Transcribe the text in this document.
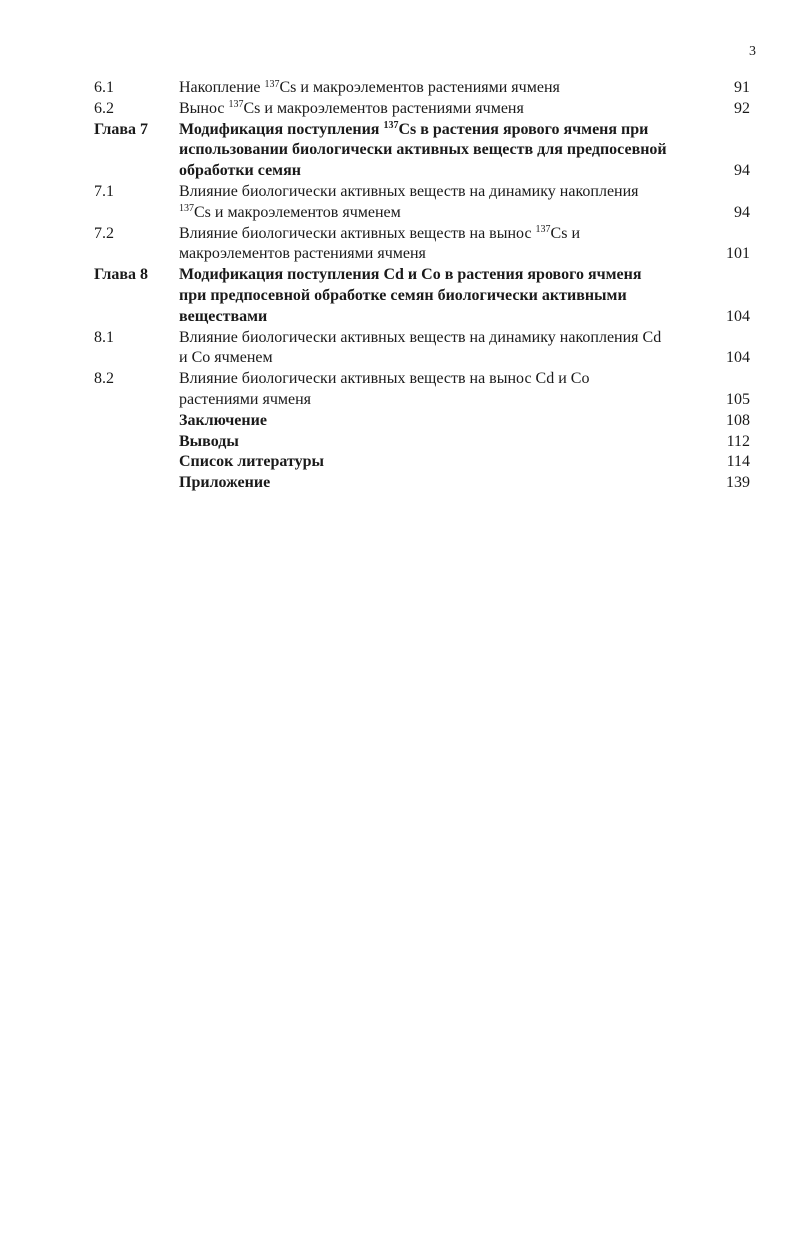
3
6.1	Накопление $^{137}$Cs и макроэлементов растениями ячменя	91
6.2	Вынос $^{137}$Cs и макроэлементов растениями ячменя	92
Глава 7 Модификация поступления $^{137}$Cs в растения ярового ячменя при
использовании биологически активных веществ для предпосевной
обработки семян	94
7.1	Влияние биологически активных веществ на динамику накопления
$^{137}$Cs и макроэлементов ячменем	94
7.2	Влияние биологически активных веществ на вынос $^{137}$Cs и
макроэлементов растениями ячменя	101
Глава 8 Модификация поступления Cd и Co в растения ярового ячменя
при предпосевной обработке семян биологически активными
веществами	104
8.1	Влияние биологически активных веществ на динамику накопления Cd
и Co ячменем	104
8.2	Влияние биологически активных веществ на вынос Cd и Co
растениями ячменя	105
Заключение	108
Выводы	112
Список литературы	114
Приложение	139
